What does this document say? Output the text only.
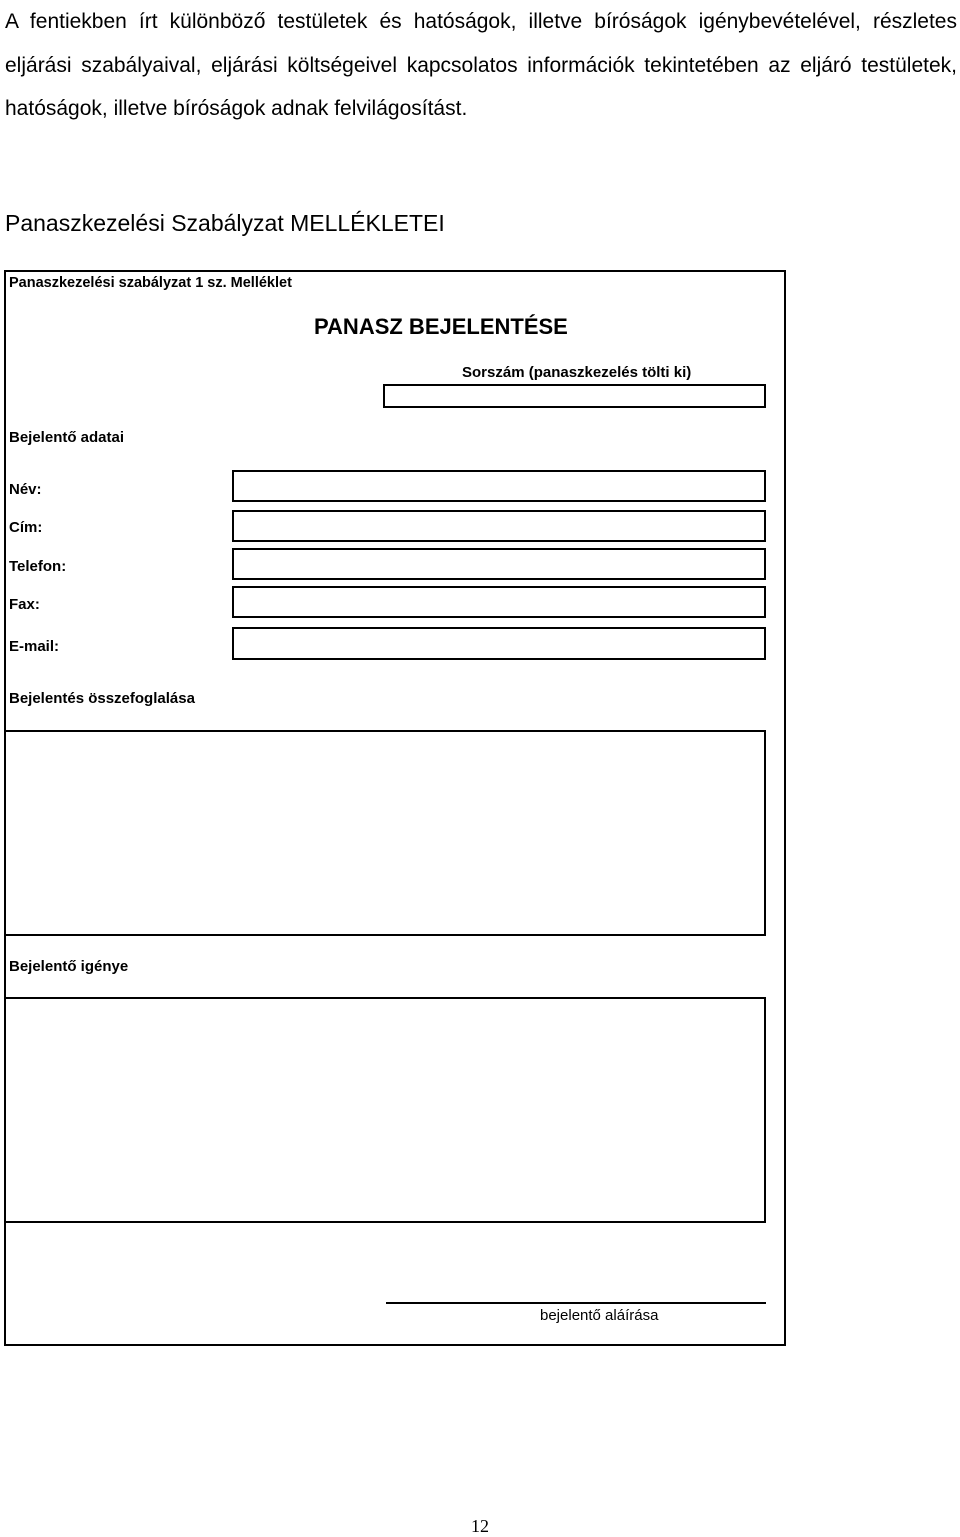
A fentiekben írt különböző testületek és hatóságok, illetve bíróságok igénybevételével, részletes eljárási szabályaival, eljárási költségeivel kapcsolatos információk tekintetében az eljáró testületek, hatóságok, illetve bíróságok adnak felvilágosítást.

Panaszkezelési Szabályzat MELLÉKLETEI

Panaszkezelési szabályzat 1 sz. Melléklet
PANASZ BEJELENTÉSE
Sorszám (panaszkezelés tölti ki)
Bejelentő adatai
Név:
Cím:
Telefon:
Fax:
E-mail:
Bejelentés összefoglalása
Bejelentő igénye
bejelentő aláírása
12
